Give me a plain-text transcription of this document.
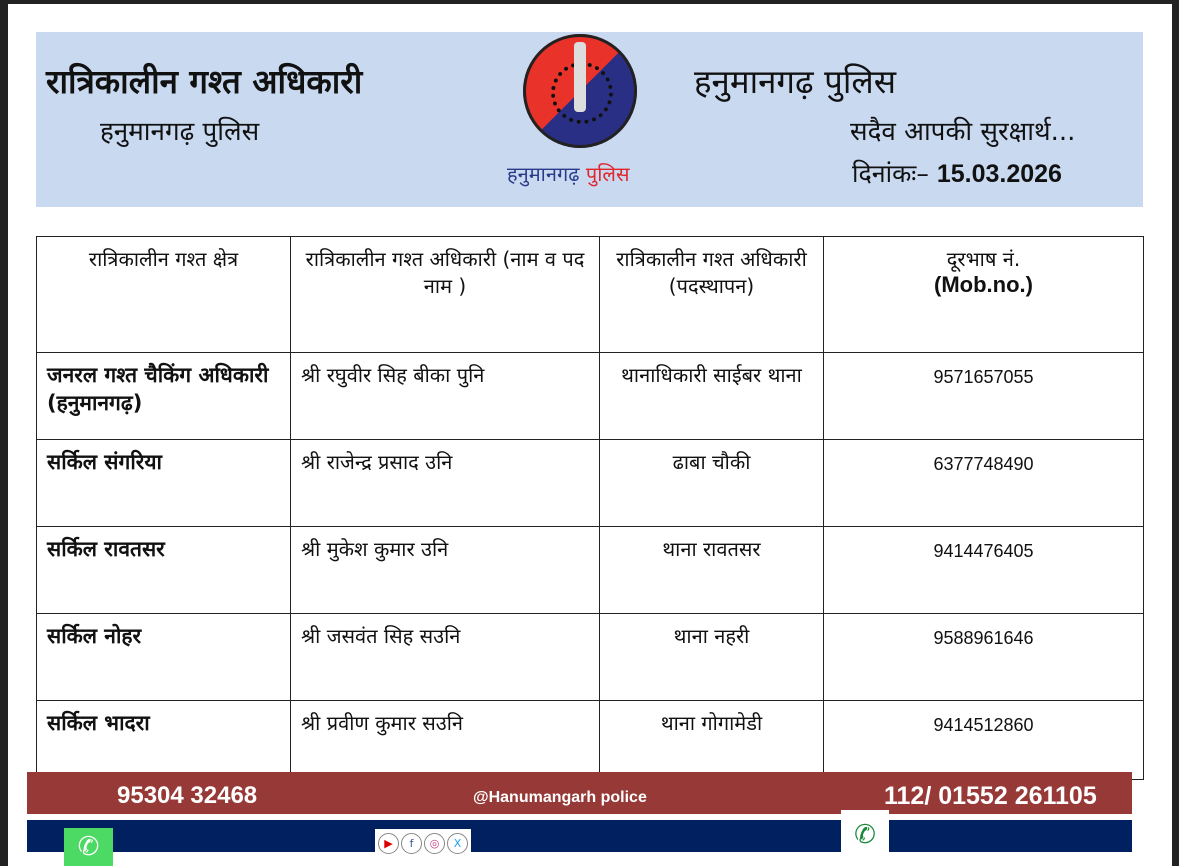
रात्रिकालीन गश्त अधिकारी
हनुमानगढ़ पुलिस
हनुमानगढ़ पुलिस
हनुमानगढ़ पुलिस
सदैव आपकी सुरक्षार्थ...
दिनांकः– 15.03.2026
रात्रिकालीन गश्त क्षेत्र	रात्रिकालीन गश्त अधिकारी (नाम व पद नाम )	रात्रिकालीन गश्त अधिकारी (पदस्थापन)	दूरभाष नं.
(Mob.no.)
जनरल गश्त चैकिंग अधिकारी (हनुमानगढ़)	श्री रघुवीर सिह बीका पुनि	थानाधिकारी साईबर थाना	9571657055
सर्किल संगरिया	श्री राजेन्द्र प्रसाद उनि	ढाबा चौकी	6377748490
सर्किल रावतसर	श्री मुकेश कुमार उनि	थाना रावतसर	9414476405
सर्किल नोहर	श्री जसवंत सिह सउनि	थाना नहरी	9588961646
सर्किल भादरा	श्री प्रवीण कुमार सउनि	थाना गोगामेडी	9414512860
95304 32468	@Hanumangarh police	112/ 01552 261105
✆	▶	f	◎	X	✆
